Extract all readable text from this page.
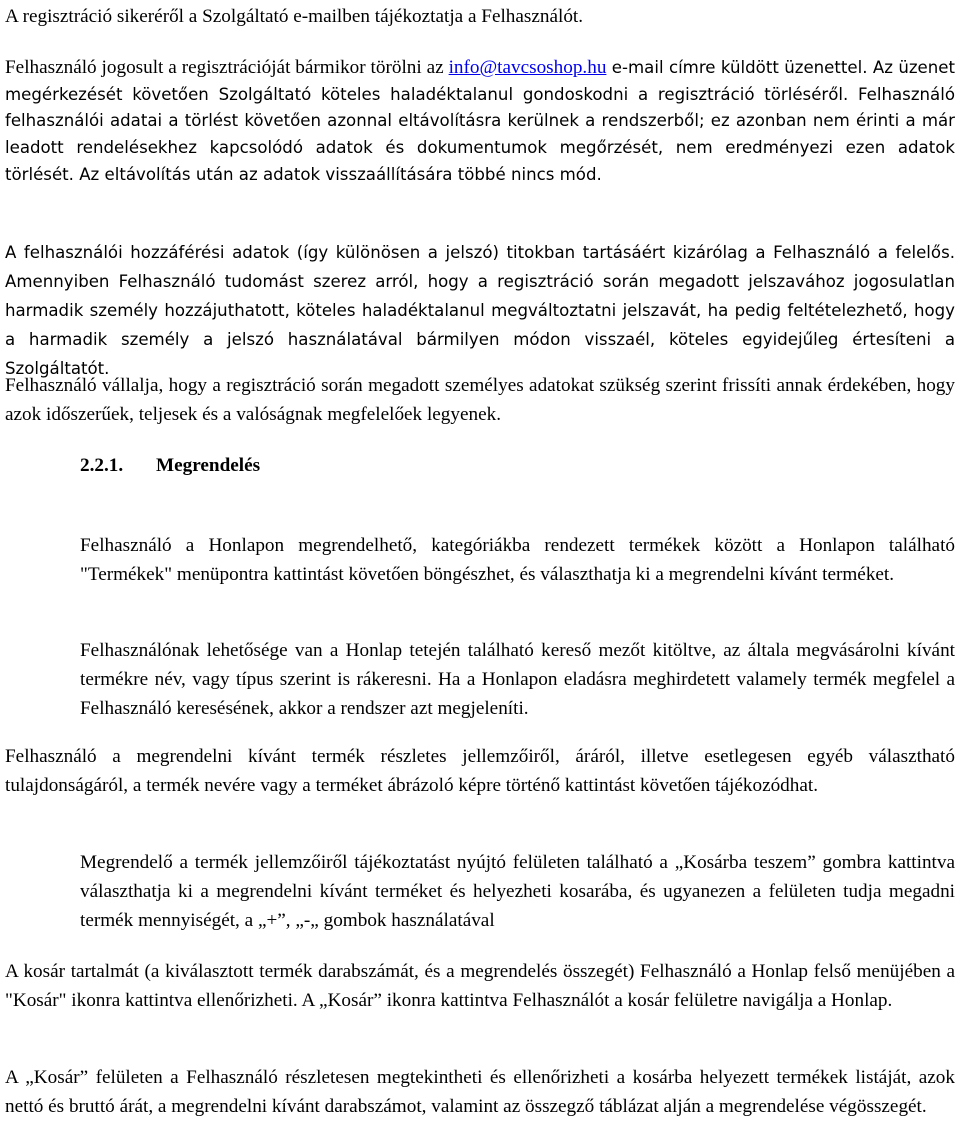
A regisztráció sikeréről a Szolgáltató e-mailben tájékoztatja a Felhasználót.

Felhasználó jogosult a regisztrációját bármikor törölni az info@tavcsoshop.hu e-mail címre küldött üzenettel. Az üzenet megérkezését követően Szolgáltató köteles haladéktalanul gondoskodni a regisztráció törléséről. Felhasználó felhasználói adatai a törlést követően azonnal eltávolításra kerülnek a rendszerből; ez azonban nem érinti a már leadott rendelésekhez kapcsolódó adatok és dokumentumok megőrzését, nem eredményezi ezen adatok törlését. Az eltávolítás után az adatok visszaállítására többé nincs mód.

A felhasználói hozzáférési adatok (így különösen a jelszó) titokban tartásáért kizárólag a Felhasználó a felelős. Amennyiben Felhasználó tudomást szerez arról, hogy a regisztráció során megadott jelszavához jogosulatlan harmadik személy hozzájuthatott, köteles haladéktalanul megváltoztatni jelszavát, ha pedig feltételezhető, hogy a harmadik személy a jelszó használatával bármilyen módon visszaél, köteles egyidejűleg értesíteni a Szolgáltatót.

Felhasználó vállalja, hogy a regisztráció során megadott személyes adatokat szükség szerint frissíti annak érdekében, hogy azok időszerűek, teljesek és a valóságnak megfelelőek legyenek.

2.2.1.	Megrendelés

Felhasználó a Honlapon megrendelhető, kategóriákba rendezett termékek között a Honlapon található "Termékek" menüpontra kattintást követően böngészhet, és választhatja ki a megrendelni kívánt terméket.

Felhasználónak lehetősége van a Honlap tetején található kereső mezőt kitöltve, az általa megvásárolni kívánt termékre név, vagy típus szerint is rákeresni. Ha a Honlapon eladásra meghirdetett valamely termék megfelel a Felhasználó keresésének, akkor a rendszer azt megjeleníti.

Felhasználó a megrendelni kívánt termék részletes jellemzőiről, áráról, illetve esetlegesen egyéb választható tulajdonságáról, a termék nevére vagy a terméket ábrázoló képre történő kattintást követően tájékozódhat.

Megrendelő a termék jellemzőiről tájékoztatást nyújtó felületen található a „Kosárba teszem” gombra kattintva választhatja ki a megrendelni kívánt terméket és helyezheti kosarába, és ugyanezen a felületen tudja megadni termék mennyiségét, a „+”, „-„ gombok használatával

A kosár tartalmát (a kiválasztott termék darabszámát, és a megrendelés összegét) Felhasználó a Honlap felső menüjében a "Kosár" ikonra kattintva ellenőrizheti. A „Kosár” ikonra kattintva Felhasználót a kosár felületre navigálja a Honlap.

A „Kosár” felületen a Felhasználó részletesen megtekintheti és ellenőrizheti a kosárba helyezett termékek listáját, azok nettó és bruttó árát, a megrendelni kívánt darabszámot, valamint az összegző táblázat alján a megrendelése végösszegét.
